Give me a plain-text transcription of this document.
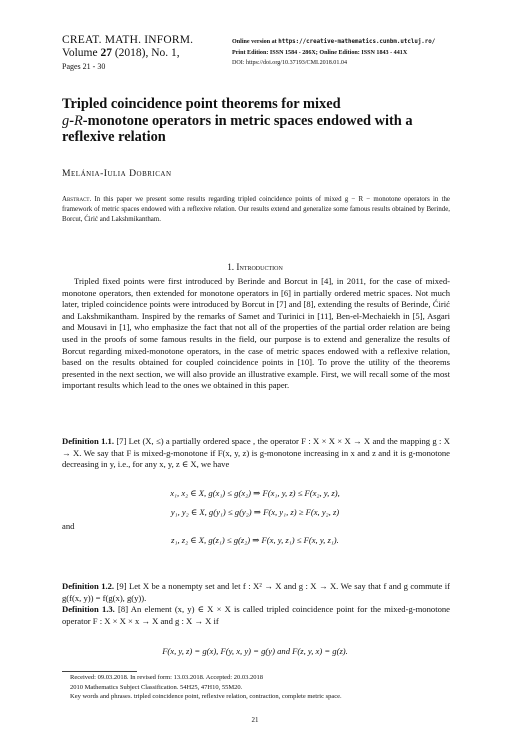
CREAT. MATH. INFORM.
Volume 27 (2018), No. 1,
Pages 21 - 30
Online version at https://creative-mathematics.cunbm.utcluj.ro/
Print Edition: ISSN 1584 - 286X; Online Edition: ISSN 1843 - 441X
DOI: https://doi.org/10.37193/CMI.2018.01.04
Tripled coincidence point theorems for mixed
g-R-monotone operators in metric spaces endowed with a
reflexive relation
Melánia-Iulia Dobrican
Abstract. In this paper we present some results regarding tripled coincidence points of mixed g − R − monotone operators in the framework of metric spaces endowed with a reflexive relation. Our results extend and generalize some famous results obtained by Berinde, Borcut, Ćirić and Lakshmikantham.
1. Introduction
Tripled fixed points were first introduced by Berinde and Borcut in [4], in 2011, for the case of mixed-monotone operators, then extended for monotone operators in [6] in partially ordered metric spaces. Not much later, tripled coincidence points were introduced by Borcut in [7] and [8], extending the results of Berinde, Ćirić and Lakshmikantham. Inspired by the remarks of Samet and Turinici in [11], Ben-el-Mechaiekh in [5], Asgari and Mousavi in [1], who emphasize the fact that not all of the properties of the partial order relation are being used in the proofs of some famous results in the field, our purpose is to extend and generalize the results of Borcut regarding mixed-monotone operators, in the case of metric spaces endowed with a reflexive relation, based on the results obtained for coupled coincidence points in [10]. To prove the utility of the theorems presented in the next section, we will also provide an illustrative example. First, we will recall some of the most important results which lead to the ones we obtained in this paper.
Definition 1.1. [7] Let (X, ≤) a partially ordered space , the operator F : X × X × X → X and the mapping g : X → X. We say that F is mixed-g-monotone if F(x, y, z) is g-monotone increasing in x and z and it is g-monotone decreasing in y, i.e., for any x, y, z ∈ X, we have
x₁, x₂ ∈ X, g(x₁) ≤ g(x₂) ⇒ F(x₁, y, z) ≤ F(x₂, y, z),
y₁, y₂ ∈ X, g(y₁) ≤ g(y₂) ⇒ F(x, y₁, z) ≥ F(x, y₂, z)
and
z₁, z₂ ∈ X, g(z₁) ≤ g(z₂) ⇒ F(x, y, z₁) ≤ F(x, y, z₁).
Definition 1.2. [9] Let X be a nonempty set and let f : X² → X and g : X → X. We say that f and g commute if g(f(x, y)) = f(g(x), g(y)).
Definition 1.3. [8] An element (x, y) ∈ X × X is called tripled coincidence point for the mixed-g-monotone operator F : X × X × x → X and g : X → X if
F(x, y, z) = g(x), F(y, x, y) = g(y) and F(z, y, x) = g(z).
Received: 09.03.2018. In revised form: 13.03.2018. Accepted: 20.03.2018
2010 Mathematics Subject Classification. 54H25, 47H10, 55M20.
Key words and phrases. tripled coincidence point, reflexive relation, contraction, complete metric space.
21
